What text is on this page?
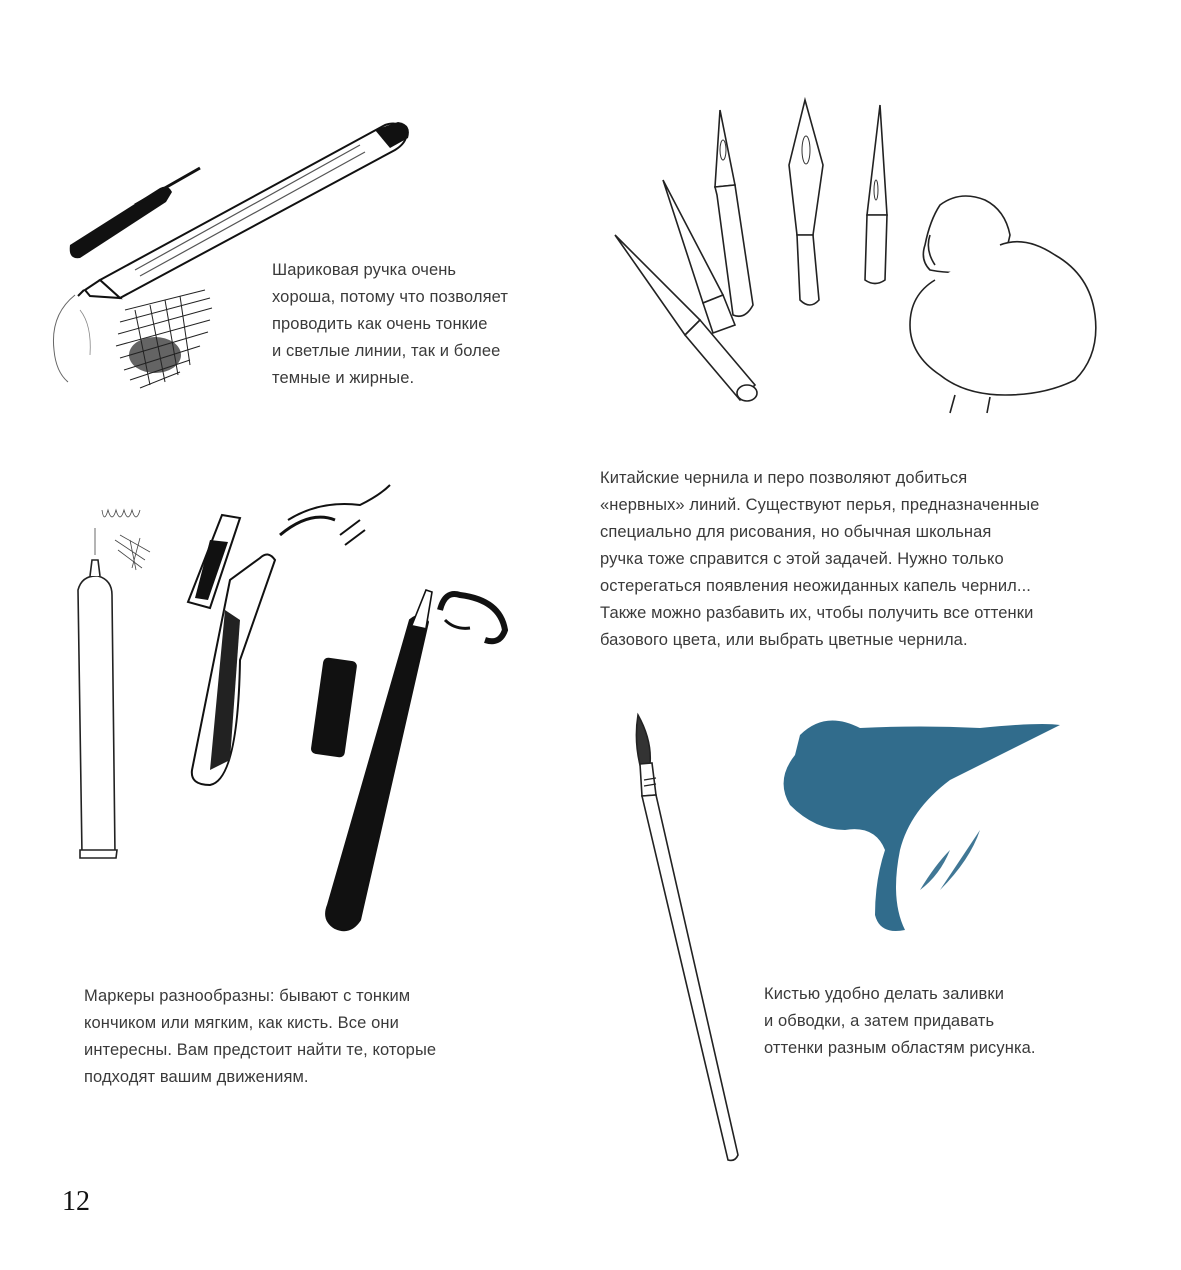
Шариковая ручка очень
хороша, потому что позволяет
проводить как очень тонкие
и светлые линии, так и более
темные и жирные.
Китайские чернила и перо позволяют добиться
«нервных» линий. Существуют перья, предназначенные
специально для рисования, но обычная школьная
ручка тоже справится с этой задачей. Нужно только
остерегаться появления неожиданных капель чернил...
Также можно разбавить их, чтобы получить все оттенки
базового цвета, или выбрать цветные чернила.
Маркеры разнообразны: бывают с тонким
кончиком или мягким, как кисть. Все они
интересны. Вам предстоит найти те, которые
подходят вашим движениям.
Кистью удобно делать заливки
и обводки, а затем придавать
оттенки разным областям рисунка.
12
